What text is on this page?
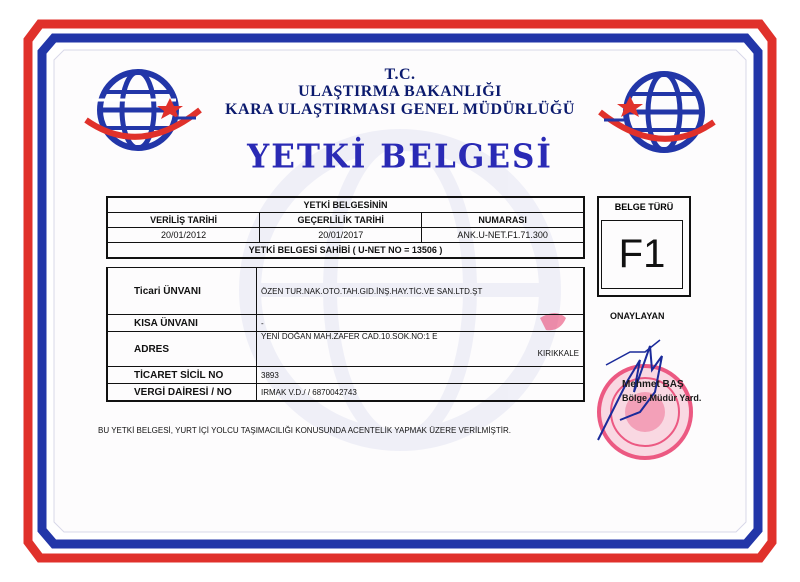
T.C.
ULAŞTIRMA BAKANLIĞI
KARA ULAŞTIRMASI GENEL MÜDÜRLÜĞÜ
YETKİ BELGESİ
YETKİ BELGESİNİN		
VERİLİŞ TARİHİ	GEÇERLİLİK TARİHİ	NUMARASI
20/01/2012	20/01/2017	ANK.U-NET.F1.71.300
YETKİ BELGESİ SAHİBİ ( U-NET NO = 13506 )		
Ticari ÜNVANI	ÖZEN TUR.NAK.OTO.TAH.GID.İNŞ.HAY.TİC.VE SAN.LTD.ŞT
KISA ÜNVANI	-
ADRES	YENİ DOĞAN MAH.ZAFER CAD.10.SOK.NO:1 E
KIRIKKALE

TİCARET SİCİL NO	3893
VERGİ DAİRESİ / NO	IRMAK V.D./ / 6870042743
BELGE TÜRÜ
F1
ONAYLAYAN
Mehmet BAŞ
Bölge Müdür Yard.
BU YETKİ BELGESİ, YURT İÇİ YOLCU TAŞIMACILIĞI KONUSUNDA ACENTELİK YAPMAK ÜZERE VERİLMİŞTİR.
